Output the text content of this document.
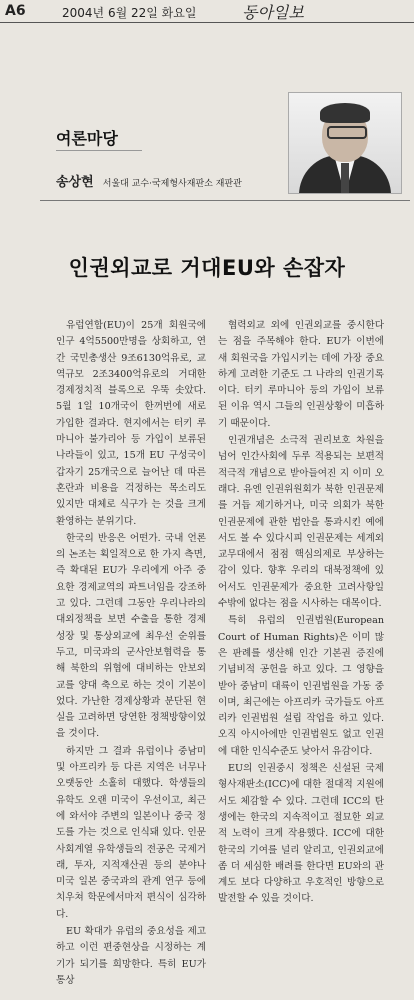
A6	2004년 6월 22일 화요일	동아일보
여론마당
송상현 서울대 교수·국제형사재판소 재판관
인권외교로 거대EU와 손잡자

유럽연합(EU)이 25개 회원국에 인구 4억5500만명을 상회하고, 연간 국민총생산 9조6130억유로, 교역규모 2조3400억유로의 거대한 경제정치적 블록으로 우뚝 솟았다. 5월 1일 10개국이 한꺼번에 새로 가입한 결과다. 현지에서는 터키 루마니아 불가리아 등 가입이 보류된 나라들이 있고, 15개 EU 구성국이 갑자기 25개국으로 늘어난 데 따른 혼란과 비용을 걱정하는 목소리도 있지만 대체로 식구가 는 것을 크게 환영하는 분위기다.

한국의 반응은 어떤가. 국내 언론의 논조는 획일적으로 한 가지 측면, 즉 확대된 EU가 우리에게 아주 중요한 경제교역의 파트너임을 강조하고 있다. 그런데 그동안 우리나라의 대외정책을 보면 수출을 통한 경제성장 및 통상외교에 최우선 순위를 두고, 미국과의 군사안보협력을 통해 북한의 위협에 대비하는 안보외교를 양대 축으로 하는 것이 기본이었다. 가난한 경제상황과 분단된 현실을 고려하면 당연한 정책방향이었을 것이다.

하지만 그 결과 유럽이나 중남미 및 아프리카 등 다른 지역은 너무나 오랫동안 소홀히 대했다. 학생들의 유학도 오랜 미국이 우선이고, 최근에 와서야 주변의 일본이나 중국 정도를 가는 것으로 인식돼 있다. 인문사회계열 유학생들의 전공은 국제거래, 투자, 지적재산권 등의 분야나 미국 일본 중국과의 관계 연구 등에 치우쳐 학문에서마저 편식이 심각하다.

EU 확대가 유럽의 중요성을 제고하고 이런 편중현상을 시정하는 계기가 되기를 희망한다. 특히 EU가 통상

협력외교 외에 인권외교를 중시한다는 점을 주목해야 한다. EU가 이번에 새 회원국을 가입시키는 데에 가장 중요하게 고려한 기준도 그 나라의 인권기록이다. 터키 루마니아 등의 가입이 보류된 이유 역시 그들의 인권상황이 미흡하기 때문이다.

인권개념은 소극적 권리보호 차원을 넘어 인간사회에 두루 적용되는 보편적 적극적 개념으로 받아들여진 지 이미 오래다. 유엔 인권위원회가 북한 인권문제를 거듭 제기하거나, 미국 의회가 북한 인권문제에 관한 법안을 통과시킨 예에서도 볼 수 있다시피 인권문제는 세계외교무대에서 점점 핵심의제로 부상하는 감이 있다. 향후 우리의 대북정책에 있어서도 인권문제가 중요한 고려사항일 수밖에 없다는 점을 시사하는 대목이다.

특히 유럽의 인권법원(European Court of Human Rights)은 이미 많은 판례를 생산해 인간 기본권 증진에 기념비적 공헌을 하고 있다. 그 영향을 받아 중남미 대륙이 인권법원을 가동 중이며, 최근에는 아프리카 국가들도 아프리카 인권법원 설립 작업을 하고 있다. 오직 아시아에만 인권법원도 없고 인권에 대한 인식수준도 낮아서 유감이다.

EU의 인권중시 정책은 신설된 국제형사재판소(ICC)에 대한 절대적 지원에서도 체감할 수 있다. 그런데 ICC의 탄생에는 한국의 지속적이고 절묘한 외교적 노력이 크게 작용했다. ICC에 대한 한국의 기여를 널리 알리고, 인권외교에 좀 더 세심한 배려를 한다면 EU와의 관계도 보다 다양하고 우호적인 방향으로 발전할 수 있을 것이다.
